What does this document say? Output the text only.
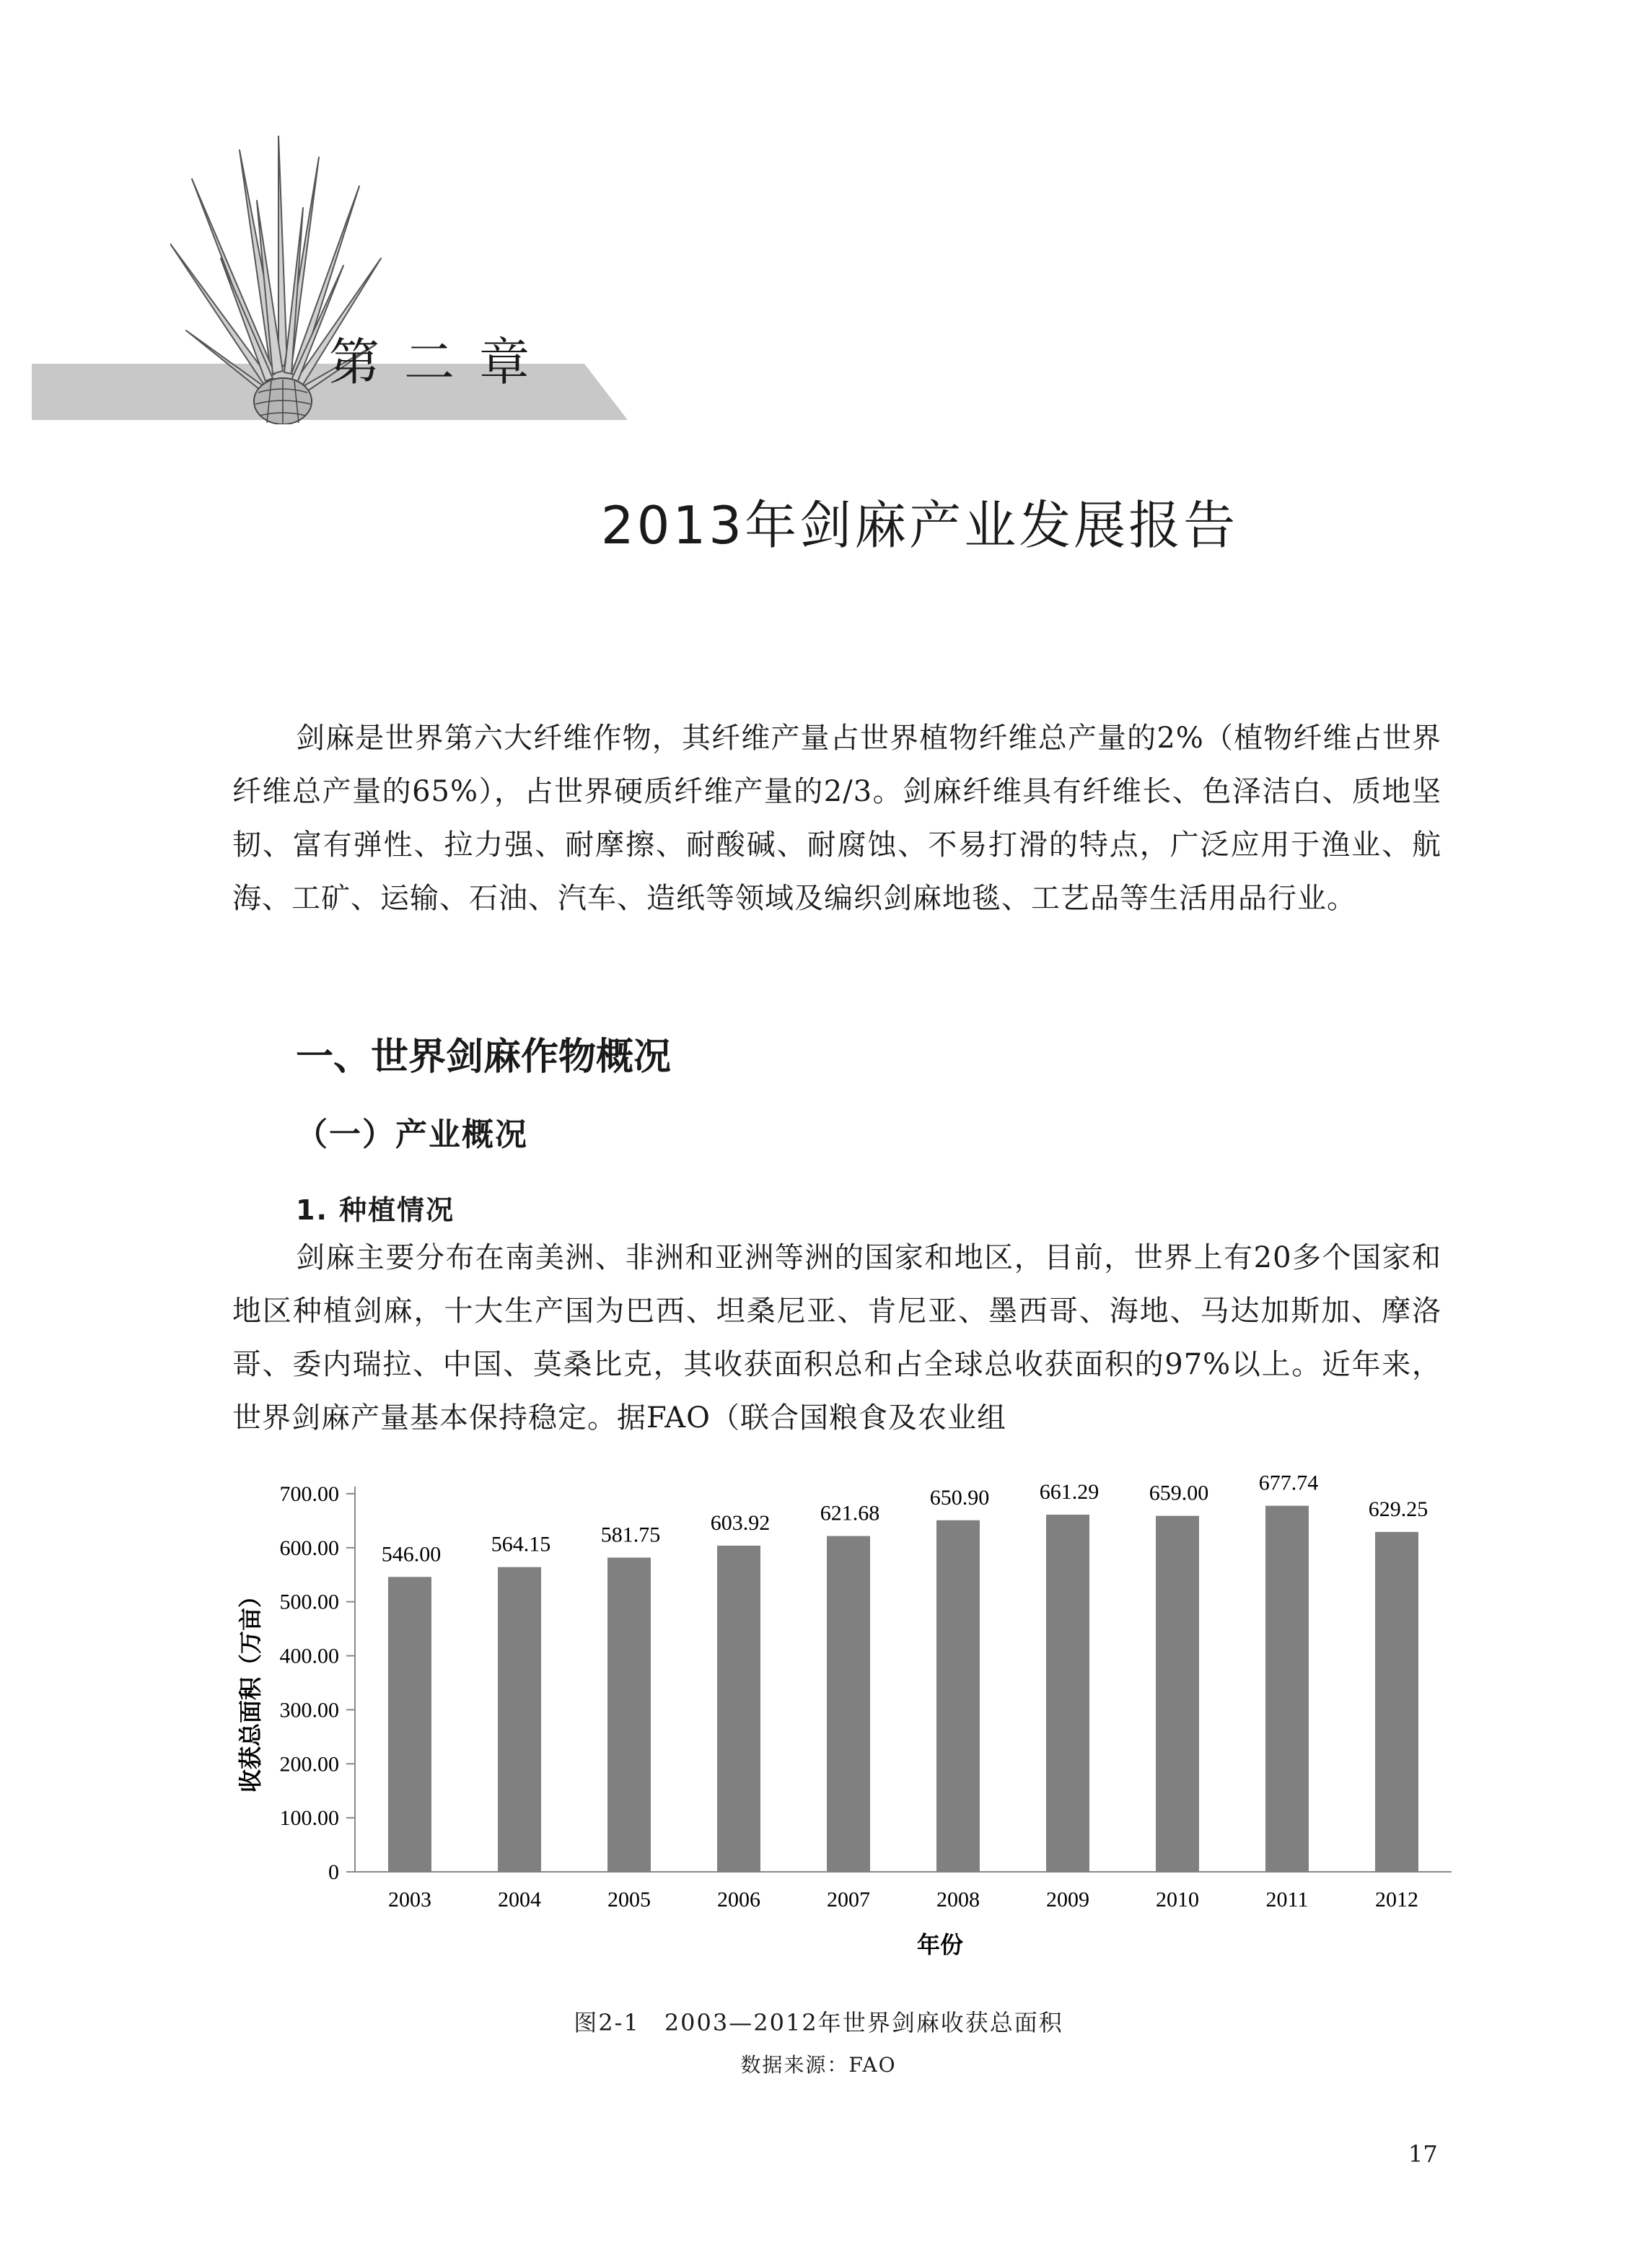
第二章
2013年剑麻产业发展报告
剑麻是世界第六大纤维作物，其纤维产量占世界植物纤维总产量的2%（植物纤维占世界纤维总产量的65%），占世界硬质纤维产量的2/3。剑麻纤维具有纤维长、色泽洁白、质地坚韧、富有弹性、拉力强、耐摩擦、耐酸碱、耐腐蚀、不易打滑的特点，广泛应用于渔业、航海、工矿、运输、石油、汽车、造纸等领域及编织剑麻地毯、工艺品等生活用品行业。
一、世界剑麻作物概况
（一）产业概况
1. 种植情况
剑麻主要分布在南美洲、非洲和亚洲等洲的国家和地区，目前，世界上有20多个国家和地区种植剑麻，十大生产国为巴西、坦桑尼亚、肯尼亚、墨西哥、海地、马达加斯加、摩洛哥、委内瑞拉、中国、莫桑比克，其收获面积总和占全球总收获面积的97%以上。近年来，世界剑麻产量基本保持稳定。据FAO（联合国粮食及农业组
0
100.00
200.00
300.00
400.00
500.00
600.00
700.00
546.00 564.15 581.75
603.92 621.68
650.90 661.29 659.00 677.74
629.25
2003	2004	2005	2006	2007	2008	2009	2010	2011	2012
年份
收获总面积（万亩）
图2-1　2003—2012年世界剑麻收获总面积
数据来源：FAO
17
